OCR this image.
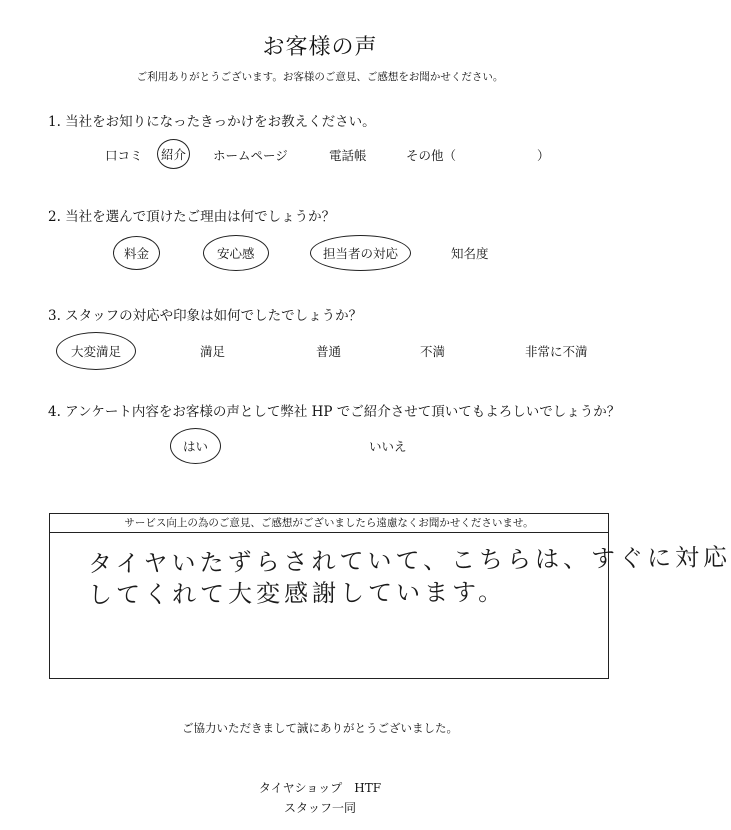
お客様の声
ご利用ありがとうございます。お客様のご意見、ご感想をお聞かせください。
1. 当社をお知りになったきっかけをお教えください。
口コミ	紹介	ホームページ	電話帳	その他（	）
2. 当社を選んで頂けたご理由は何でしょうか？
料金	安心感	担当者の対応	知名度
3. スタッフの対応や印象は如何でしたでしょうか？
大変満足	満足	普通	不満	非常に不満
4. アンケート内容をお客様の声として弊社 HP でご紹介させて頂いてもよろしいでしょうか？
はい	いいえ
サービス向上の為のご意見、ご感想がございましたら遠慮なくお聞かせくださいませ。
タイヤいたずらされていて、こちらは、すぐに対応
してくれて大変感謝しています。
ご協力いただきまして誠にありがとうございました。
タイヤショップ　HTF
スタッフ一同
